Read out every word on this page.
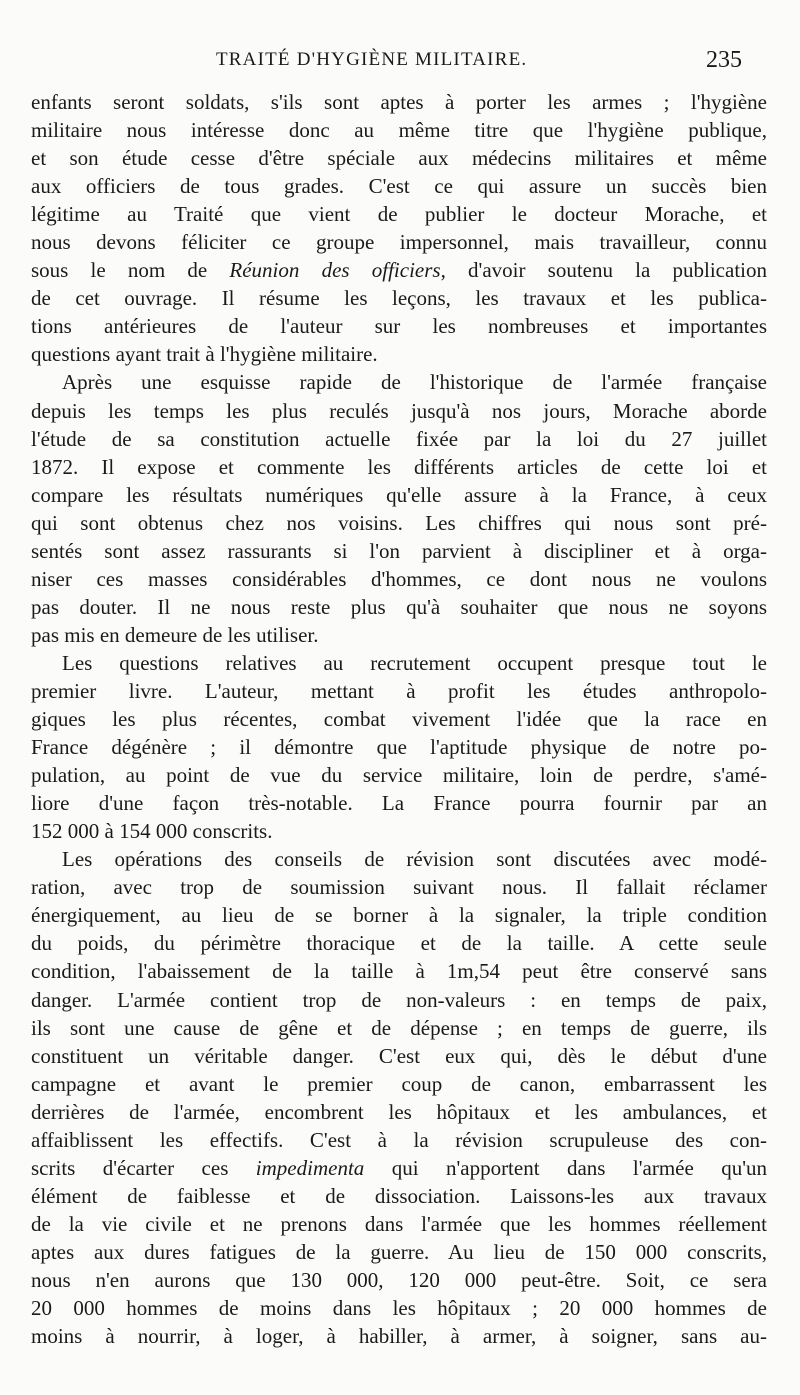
TRAITÉ D'HYGIÈNE MILITAIRE.	235
enfants seront soldats, s'ils sont aptes à porter les armes ; l'hygiène
militaire nous intéresse donc au même titre que l'hygiène publique,
et son étude cesse d'être spéciale aux médecins militaires et même
aux officiers de tous grades. C'est ce qui assure un succès bien
légitime au Traité que vient de publier le docteur Morache, et
nous devons féliciter ce groupe impersonnel, mais travailleur, connu
sous le nom de Réunion des officiers, d'avoir soutenu la publication
de cet ouvrage. Il résume les leçons, les travaux et les publica-
tions antérieures de l'auteur sur les nombreuses et importantes
questions ayant trait à l'hygiène militaire.
Après une esquisse rapide de l'historique de l'armée française
depuis les temps les plus reculés jusqu'à nos jours, Morache aborde
l'étude de sa constitution actuelle fixée par la loi du 27 juillet
1872. Il expose et commente les différents articles de cette loi et
compare les résultats numériques qu'elle assure à la France, à ceux
qui sont obtenus chez nos voisins. Les chiffres qui nous sont pré-
sentés sont assez rassurants si l'on parvient à discipliner et à orga-
niser ces masses considérables d'hommes, ce dont nous ne voulons
pas douter. Il ne nous reste plus qu'à souhaiter que nous ne soyons
pas mis en demeure de les utiliser.
Les questions relatives au recrutement occupent presque tout le
premier livre. L'auteur, mettant à profit les études anthropolo-
giques les plus récentes, combat vivement l'idée que la race en
France dégénère ; il démontre que l'aptitude physique de notre po-
pulation, au point de vue du service militaire, loin de perdre, s'amé-
liore d'une façon très-notable. La France pourra fournir par an
152 000 à 154 000 conscrits.
Les opérations des conseils de révision sont discutées avec modé-
ration, avec trop de soumission suivant nous. Il fallait réclamer
énergiquement, au lieu de se borner à la signaler, la triple condition
du poids, du périmètre thoracique et de la taille. A cette seule
condition, l'abaissement de la taille à 1m,54 peut être conservé sans
danger. L'armée contient trop de non-valeurs : en temps de paix,
ils sont une cause de gêne et de dépense ; en temps de guerre, ils
constituent un véritable danger. C'est eux qui, dès le début d'une
campagne et avant le premier coup de canon, embarrassent les
derrières de l'armée, encombrent les hôpitaux et les ambulances, et
affaiblissent les effectifs. C'est à la révision scrupuleuse des con-
scrits d'écarter ces impedimenta qui n'apportent dans l'armée qu'un
élément de faiblesse et de dissociation. Laissons-les aux travaux
de la vie civile et ne prenons dans l'armée que les hommes réellement
aptes aux dures fatigues de la guerre. Au lieu de 150 000 conscrits,
nous n'en aurons que 130 000, 120 000 peut-être. Soit, ce sera
20 000 hommes de moins dans les hôpitaux ; 20 000 hommes de
moins à nourrir, à loger, à habiller, à armer, à soigner, sans au-
